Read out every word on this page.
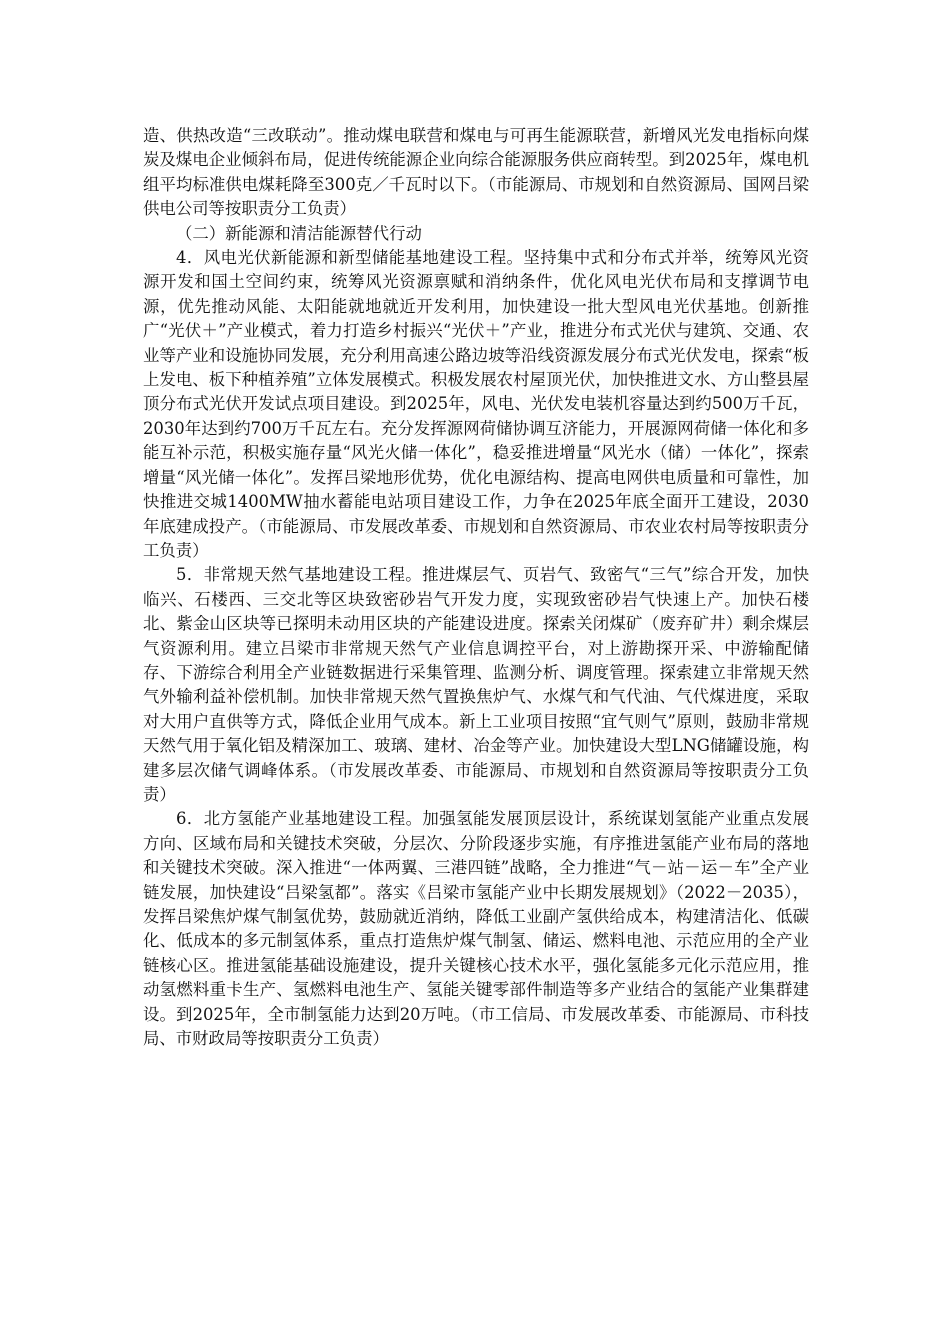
造、供热改造“三改联动”。推动煤电联营和煤电与可再生能源联营，新增风光发电指标向煤炭及煤电企业倾斜布局，促进传统能源企业向综合能源服务供应商转型。到2025年，煤电机组平均标准供电煤耗降至300克／千瓦时以下。（市能源局、市规划和自然资源局、国网吕梁供电公司等按职责分工负责）

（二）新能源和清洁能源替代行动

4．风电光伏新能源和新型储能基地建设工程。坚持集中式和分布式并举，统筹风光资源开发和国土空间约束，统筹风光资源禀赋和消纳条件，优化风电光伏布局和支撑调节电源，优先推动风能、太阳能就地就近开发利用，加快建设一批大型风电光伏基地。创新推广“光伏＋”产业模式，着力打造乡村振兴“光伏＋”产业，推进分布式光伏与建筑、交通、农业等产业和设施协同发展，充分利用高速公路边坡等沿线资源发展分布式光伏发电，探索“板上发电、板下种植养殖”立体发展模式。积极发展农村屋顶光伏，加快推进文水、方山整县屋顶分布式光伏开发试点项目建设。到2025年，风电、光伏发电装机容量达到约500万千瓦，2030年达到约700万千瓦左右。充分发挥源网荷储协调互济能力，开展源网荷储一体化和多能互补示范，积极实施存量“风光火储一体化”，稳妥推进增量“风光水（储）一体化”，探索增量“风光储一体化”。发挥吕梁地形优势，优化电源结构、提高电网供电质量和可靠性，加快推进交城1400MW抽水蓄能电站项目建设工作，力争在2025年底全面开工建设，2030年底建成投产。（市能源局、市发展改革委、市规划和自然资源局、市农业农村局等按职责分工负责）

5．非常规天然气基地建设工程。推进煤层气、页岩气、致密气“三气”综合开发，加快临兴、石楼西、三交北等区块致密砂岩气开发力度，实现致密砂岩气快速上产。加快石楼北、紫金山区块等已探明未动用区块的产能建设进度。探索关闭煤矿（废弃矿井）剩余煤层气资源利用。建立吕梁市非常规天然气产业信息调控平台，对上游勘探开采、中游输配储存、下游综合利用全产业链数据进行采集管理、监测分析、调度管理。探索建立非常规天然气外输利益补偿机制。加快非常规天然气置换焦炉气、水煤气和气代油、气代煤进度，采取对大用户直供等方式，降低企业用气成本。新上工业项目按照“宜气则气”原则，鼓励非常规天然气用于氧化铝及精深加工、玻璃、建材、冶金等产业。加快建设大型LNG储罐设施，构建多层次储气调峰体系。（市发展改革委、市能源局、市规划和自然资源局等按职责分工负责）

6．北方氢能产业基地建设工程。加强氢能发展顶层设计，系统谋划氢能产业重点发展方向、区域布局和关键技术突破，分层次、分阶段逐步实施，有序推进氢能产业布局的落地和关键技术突破。深入推进“一体两翼、三港四链”战略，全力推进“气－站－运－车”全产业链发展，加快建设“吕梁氢都”。落实《吕梁市氢能产业中长期发展规划》（2022－2035），发挥吕梁焦炉煤气制氢优势，鼓励就近消纳，降低工业副产氢供给成本，构建清洁化、低碳化、低成本的多元制氢体系，重点打造焦炉煤气制氢、储运、燃料电池、示范应用的全产业链核心区。推进氢能基础设施建设，提升关键核心技术水平，强化氢能多元化示范应用，推动氢燃料重卡生产、氢燃料电池生产、氢能关键零部件制造等多产业结合的氢能产业集群建设。到2025年，全市制氢能力达到20万吨。（市工信局、市发展改革委、市能源局、市科技局、市财政局等按职责分工负责）
